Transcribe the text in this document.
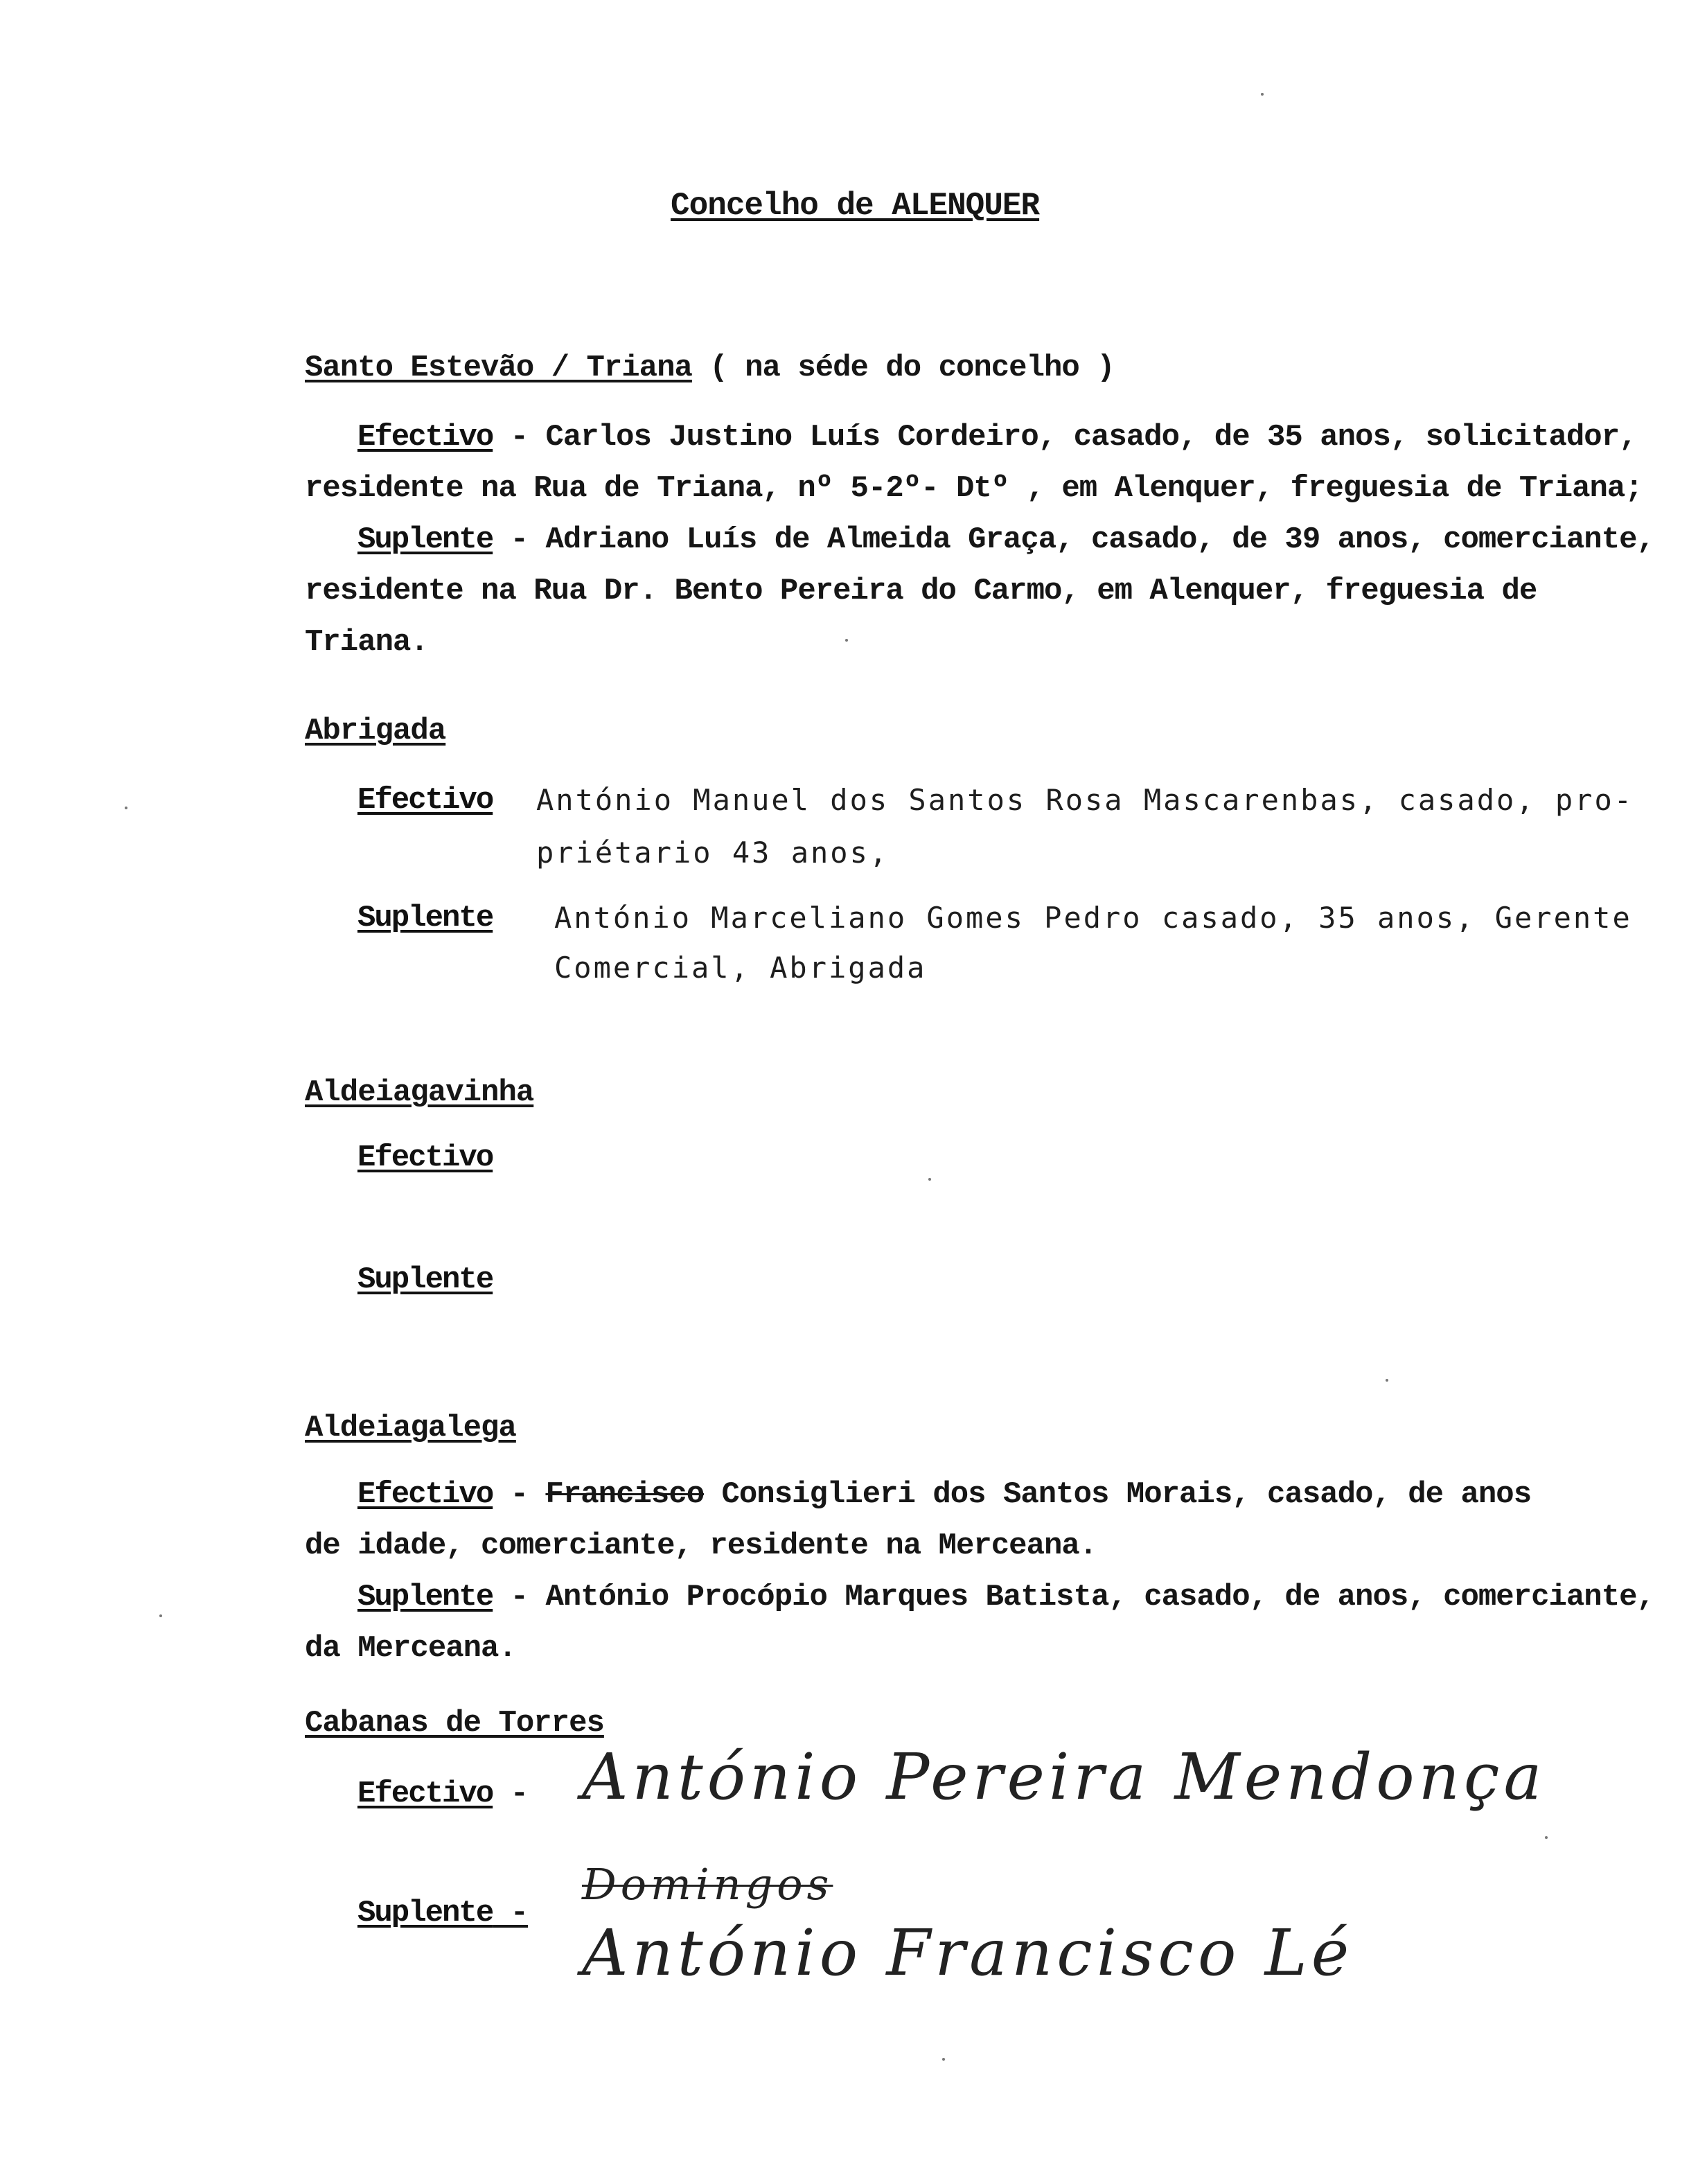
Concelho de ALENQUER

Santo Estevão / Triana ( na séde do concelho )

Efectivo - Carlos Justino Luís Cordeiro, casado, de 35 anos, solicitador,

residente na Rua de Triana, nº 5-2º- Dtº , em Alenquer, freguesia de Triana;

Suplente - Adriano Luís de Almeida Graça, casado, de 39 anos, comerciante,

residente na Rua Dr. Bento Pereira do Carmo, em Alenquer, freguesia de

Triana.

Abrigada

Efectivo António Manuel dos Santos Rosa Mascarenbas, casado, pro-

priétario 43 anos,

Suplente António Marceliano Gomes Pedro casado, 35 anos, Gerente

Comercial, Abrigada

Aldeiagavinha

Efectivo

Suplente

Aldeiagalega

Efectivo - Francisco Consiglieri dos Santos Morais, casado, de anos

de idade, comerciante, residente na Merceana.

Suplente - António Procópio Marques Batista, casado, de anos, comerciante,

da Merceana.

Cabanas de Torres

Efectivo - António Pereira Mendonça

Suplente -

Domingos

António Francisco Lé
